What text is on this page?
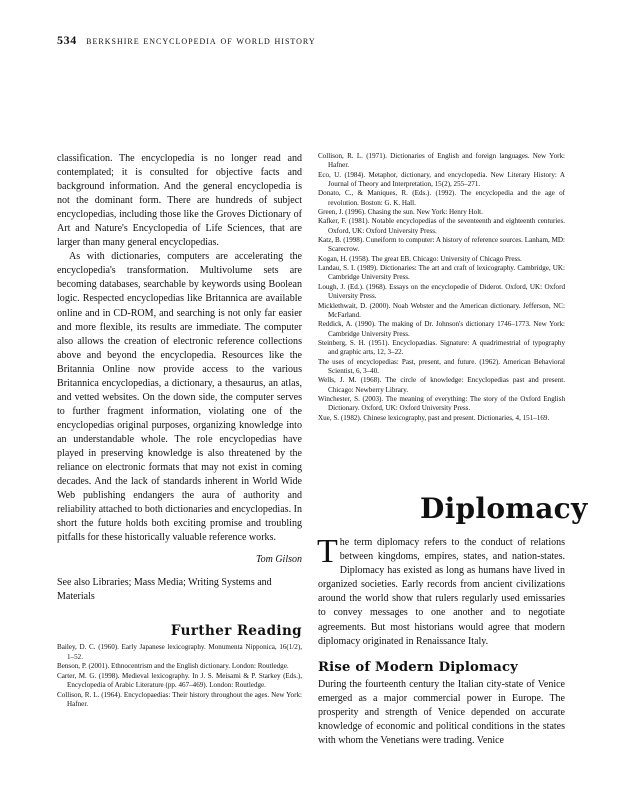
534 berkshire encyclopedia of world history

classification. The encyclopedia is no longer read and contemplated; it is consulted for objective facts and background information. And the general encyclopedia is not the dominant form. There are hundreds of subject encyclopedias, including those like the Groves Dictionary of Art and Nature's Encyclopedia of Life Sciences, that are larger than many general encyclopedias.

As with dictionaries, computers are accelerating the encyclopedia's transformation. Multivolume sets are becoming databases, searchable by keywords using Boolean logic. Respected encyclopedias like Britannica are available online and in CD-ROM, and searching is not only far easier and more flexible, its results are immediate. The computer also allows the creation of electronic reference collections above and beyond the encyclopedia. Resources like the Britannia Online now provide access to the various Britannica encyclopedias, a dictionary, a thesaurus, an atlas, and vetted websites. On the down side, the computer serves to further fragment information, violating one of the encyclopedias original purposes, organizing knowledge into an understandable whole. The role encyclopedias have played in preserving knowledge is also threatened by the reliance on electronic formats that may not exist in coming decades. And the lack of standards inherent in World Wide Web publishing endangers the aura of authority and reliability attached to both dictionaries and encyclopedias. In short the future holds both exciting promise and troubling pitfalls for these historically valuable reference works.

Tom Gilson

See also Libraries; Mass Media; Writing Systems and Materials

Further Reading

Bailey, D. C. (1960). Early Japanese lexicography. Monumenta Nipponica, 16(1/2), 1–52.

Benson, P. (2001). Ethnocentrism and the English dictionary. London: Routledge.

Carter, M. G. (1998). Medieval lexicography. In J. S. Meisami & P. Starkey (Eds.), Encyclopedia of Arabic Literature (pp. 467–469). London: Routledge.

Collison, R. L. (1964). Encyclopaedias: Their history throughout the ages. New York: Hafner.

Collison, R. L. (1971). Dictionaries of English and foreign languages. New York: Hafner.

Eco, U. (1984). Metaphor, dictionary, and encyclopedia. New Literary History: A Journal of Theory and Interpretation, 15(2), 255–271.

Donato, C., & Maniques, R. (Eds.). (1992). The encyclopedia and the age of revolution. Boston: G. K. Hall.

Green, J. (1996). Chasing the sun. New York: Henry Holt.

Kafker, F. (1981). Notable encyclopedias of the seventeenth and eighteenth centuries. Oxford, UK: Oxford University Press.

Katz, B. (1998). Cuneiform to computer: A history of reference sources. Lanham, MD: Scarecrow.

Kogan, H. (1958). The great EB. Chicago: University of Chicago Press.

Landau, S. I. (1989). Dictionaries: The art and craft of lexicography. Cambridge, UK: Cambridge University Press.

Lough, J. (Ed.). (1968). Essays on the encyclopedie of Diderot. Oxford, UK: Oxford University Press.

Micklethwait, D. (2000). Noah Webster and the American dictionary. Jefferson, NC: McFarland.

Reddick, A. (1990). The making of Dr. Johnson's dictionary 1746–1773. New York: Cambridge University Press.

Steinberg, S. H. (1951). Encyclopædias. Signature: A quadrimestrial of typography and graphic arts, 12, 3–22.

The uses of encyclopedias: Past, present, and future. (1962). American Behavioral Scientist, 6, 3–40.

Wells, J. M. (1968). The circle of knowledge: Encyclopedias past and present. Chicago: Newberry Library.

Winchester, S. (2003). The meaning of everything: The story of the Oxford English Dictionary. Oxford, UK: Oxford University Press.

Xue, S. (1982). Chinese lexicography, past and present. Dictionaries, 4, 151–169.

Diplomacy

The term diplomacy refers to the conduct of relations between kingdoms, empires, states, and nation-states. Diplomacy has existed as long as humans have lived in organized societies. Early records from ancient civilizations around the world show that rulers regularly used emissaries to convey messages to one another and to negotiate agreements. But most historians would agree that modern diplomacy originated in Renaissance Italy.

Rise of Modern Diplomacy

During the fourteenth century the Italian city-state of Venice emerged as a major commercial power in Europe. The prosperity and strength of Venice depended on accurate knowledge of economic and political conditions in the states with whom the Venetians were trading. Venice
